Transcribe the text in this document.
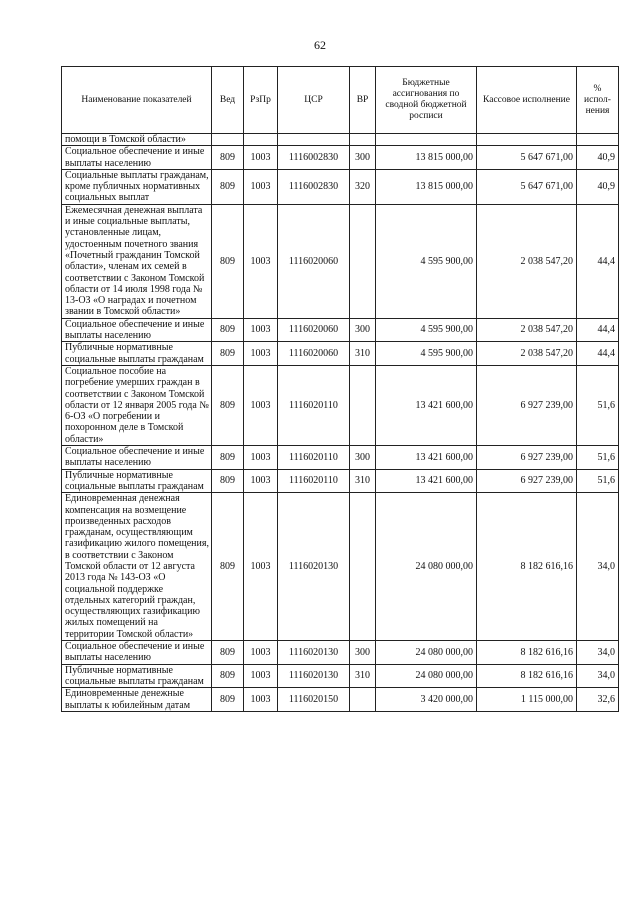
62
Наименование показателей	Вед	РзПр	ЦСР	ВР	Бюджетные ассигнования по сводной бюджетной росписи	Кассовое исполнение	% испол-нения
помощи в Томской области»							
Социальное обеспечение и иные выплаты населению	809	1003	1116002830	300	13 815 000,00	5 647 671,00	40,9
Социальные выплаты гражданам, кроме публичных нормативных социальных выплат	809	1003	1116002830	320	13 815 000,00	5 647 671,00	40,9
Ежемесячная денежная выплата и иные социальные выплаты, установленные лицам, удостоенным почетного звания «Почетный гражданин Томской области», членам их семей в соответствии с Законом Томской области от 14 июля 1998 года № 13-ОЗ «О наградах и почетном звании в Томской области»	809	1003	1116020060		4 595 900,00	2 038 547,20	44,4
Социальное обеспечение и иные выплаты населению	809	1003	1116020060	300	4 595 900,00	2 038 547,20	44,4
Публичные нормативные социальные выплаты гражданам	809	1003	1116020060	310	4 595 900,00	2 038 547,20	44,4
Социальное пособие на погребение умерших граждан в соответствии с Законом Томской области от 12 января 2005 года № 6-ОЗ «О погребении и похоронном деле в Томской области»	809	1003	1116020110		13 421 600,00	6 927 239,00	51,6
Социальное обеспечение и иные выплаты населению	809	1003	1116020110	300	13 421 600,00	6 927 239,00	51,6
Публичные нормативные социальные выплаты гражданам	809	1003	1116020110	310	13 421 600,00	6 927 239,00	51,6
Единовременная денежная компенсация на возмещение произведенных расходов гражданам, осуществляющим газификацию жилого помещения, в соответствии с Законом Томской области от 12 августа 2013 года № 143-ОЗ «О социальной поддержке отдельных категорий граждан, осуществляющих газификацию жилых помещений на территории Томской области»	809	1003	1116020130		24 080 000,00	8 182 616,16	34,0
Социальное обеспечение и иные выплаты населению	809	1003	1116020130	300	24 080 000,00	8 182 616,16	34,0
Публичные нормативные социальные выплаты гражданам	809	1003	1116020130	310	24 080 000,00	8 182 616,16	34,0
Единовременные денежные выплаты к юбилейным датам	809	1003	1116020150		3 420 000,00	1 115 000,00	32,6
